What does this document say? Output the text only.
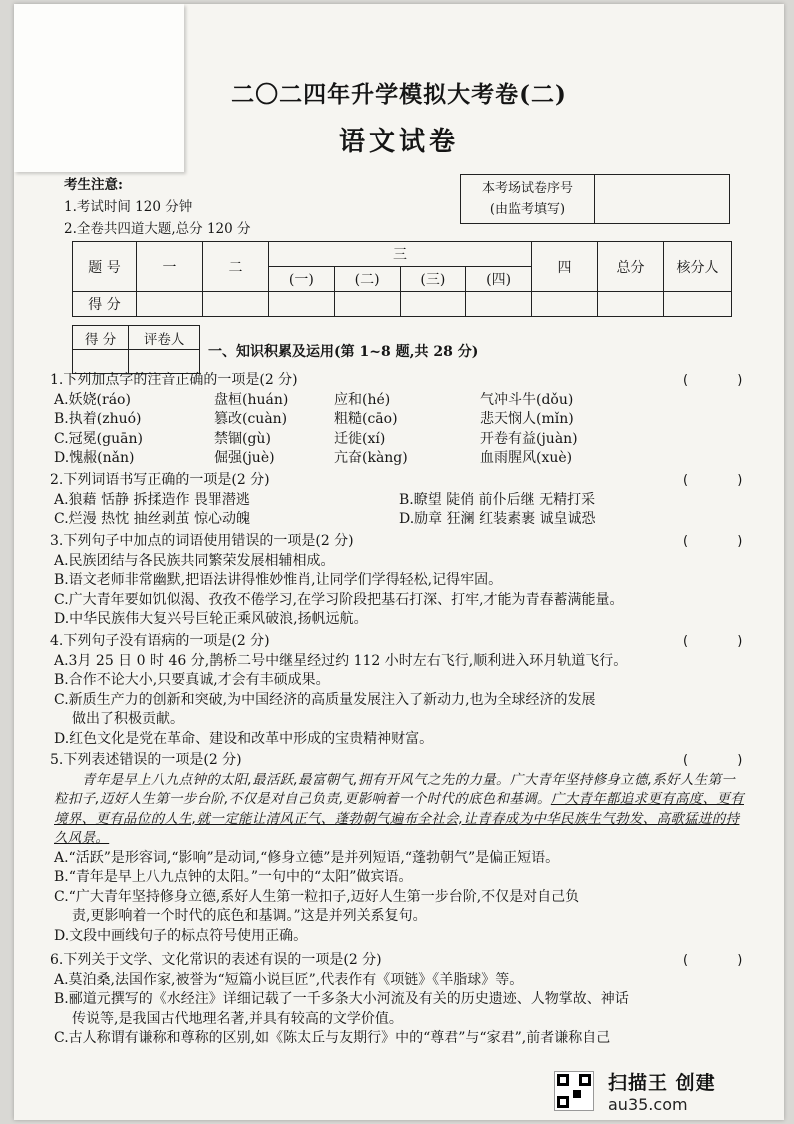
二〇二四年升学模拟大考卷(二)
语文试卷
考生注意:
1.考试时间 120 分钟
2.全卷共四道大题,总分 120 分
本考场试卷序号
(由监考填写)
题 号	一	二	三				四	总分	核分人
			(一)	(二)	(三)	(四)			
得 分									
得 分	评卷人

一、知识积累及运用(第 1~8 题,共 28 分)
1.下列加点字的注音正确的一项是(2 分)	(      )
A.妖娆(ráo)	盘桓(huán)	应和(hé)	气冲斗牛(dǒu)
B.执着(zhuó)	篡改(cuàn)	粗糙(cāo)	悲天悯人(mǐn)
C.冠冕(guān)	禁锢(gù)	迁徙(xí)	开卷有益(juàn)
D.愧赧(nǎn)	倔强(juè)	亢奋(kàng)	血雨腥风(xuè)
2.下列词语书写正确的一项是(2 分)	(      )
A.狼藉 恬静 拆揉造作 畏罪潜逃	B.瞭望 陡俏 前仆后继 无精打采
C.烂漫 热忱 抽丝剥茧 惊心动魄	D.励章 狂澜 红装素裹 诚皇诚恐
3.下列句子中加点的词语使用错误的一项是(2 分)	(      )
A.民族团结与各民族共同繁荣发展相辅相成。
B.语文老师非常幽默,把语法讲得惟妙惟肖,让同学们学得轻松,记得牢固。
C.广大青年要如饥似渴、孜孜不倦学习,在学习阶段把基石打深、打牢,才能为青春蓄满能量。
D.中华民族伟大复兴号巨轮正乘风破浪,扬帆远航。
4.下列句子没有语病的一项是(2 分)	(      )
A.3月 25 日 0 时 46 分,鹊桥二号中继星经过约 112 小时左右飞行,顺利进入环月轨道飞行。
B.合作不论大小,只要真诚,才会有丰硕成果。
C.新质生产力的创新和突破,为中国经济的高质量发展注入了新动力,也为全球经济的发展
做出了积极贡献。
D.红色文化是党在革命、建设和改革中形成的宝贵精神财富。
5.下列表述错误的一项是(2 分)	(      )
青年是早上八九点钟的太阳,最活跃,最富朝气,拥有开风气之先的力量。广大青年坚持修身立德,系好人生第一粒扣子,迈好人生第一步台阶,不仅是对自己负责,更影响着一个时代的底色和基调。广大青年都追求更有高度、更有境界、更有品位的人生,就一定能让清风正气、蓬勃朝气遍布全社会,让青春成为中华民族生气勃发、高歌猛进的持久风景。
A.“活跃”是形容词,“影响”是动词,“修身立德”是并列短语,“蓬勃朝气”是偏正短语。
B.“青年是早上八九点钟的太阳。”一句中的“太阳”做宾语。
C.“广大青年坚持修身立德,系好人生第一粒扣子,迈好人生第一步台阶,不仅是对自己负
责,更影响着一个时代的底色和基调。”这是并列关系复句。
D.文段中画线句子的标点符号使用正确。
6.下列关于文学、文化常识的表述有误的一项是(2 分)	(      )
A.莫泊桑,法国作家,被誉为“短篇小说巨匠”,代表作有《项链》《羊脂球》等。
B.郦道元撰写的《水经注》详细记载了一千多条大小河流及有关的历史遗迹、人物掌故、神话
传说等,是我国古代地理名著,并具有较高的文学价值。
C.古人称谓有谦称和尊称的区别,如《陈太丘与友期行》中的“尊君”与“家君”,前者谦称自己
扫描王 创建
au35.com
